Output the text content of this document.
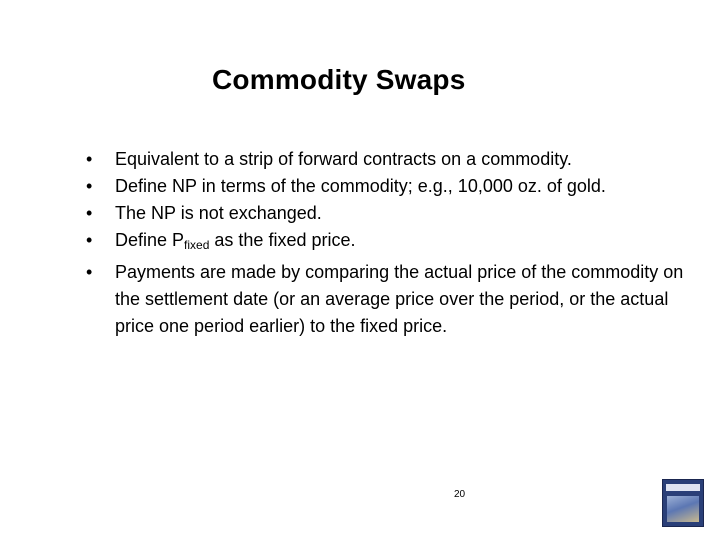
Commodity Swaps
• Equivalent to a strip of forward contracts on a commodity.
• Define NP in terms of the commodity; e.g., 10,000 oz. of gold.
• The NP is not exchanged.
• Define $P_{fixed}$ as the fixed price.
• Payments are made by comparing the actual price of the commodity on the settlement date (or an average price over the period, or the actual price one period earlier) to the fixed price.
20
